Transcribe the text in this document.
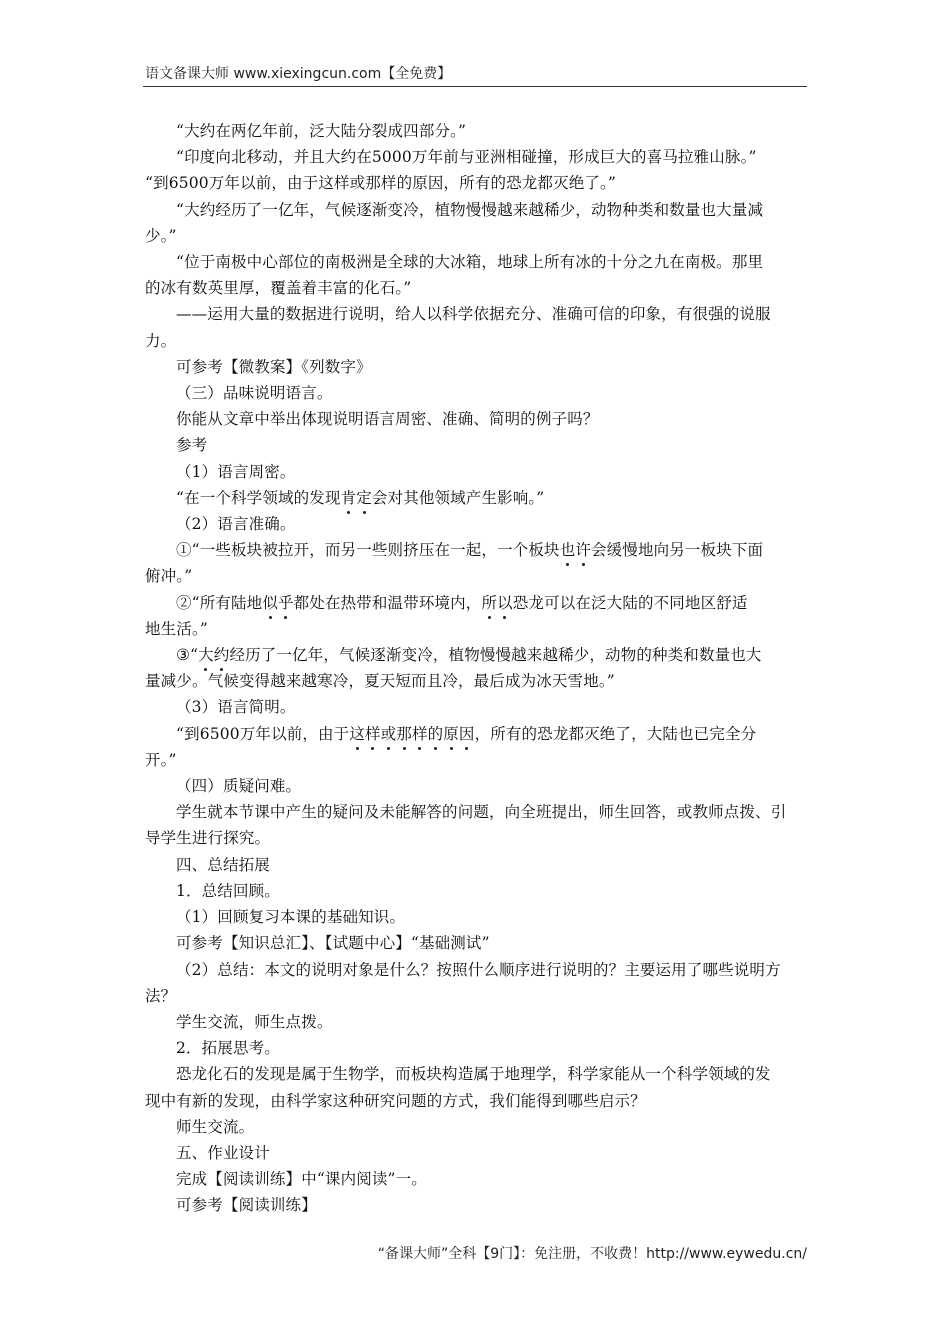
语文备课大师 www.xiexingcun.com【全免费】
“大约在两亿年前，泛大陆分裂成四部分。”
“印度向北移动，并且大约在5000万年前与亚洲相碰撞，形成巨大的喜马拉雅山脉。”
“到6500万年以前，由于这样或那样的原因，所有的恐龙都灭绝了。”
“大约经历了一亿年，气候逐渐变冷，植物慢慢越来越稀少，动物种类和数量也大量减
少。”
“位于南极中心部位的南极洲是全球的大冰箱，地球上所有冰的十分之九在南极。那里
的冰有数英里厚，覆盖着丰富的化石。”
——运用大量的数据进行说明，给人以科学依据充分、准确可信的印象，有很强的说服
力。
可参考【微教案】《列数字》
（三）品味说明语言。
你能从文章中举出体现说明语言周密、准确、简明的例子吗？
参考
（1）语言周密。
“在一个科学领域的发现肯定会对其他领域产生影响。”
（2）语言准确。
①“一些板块被拉开，而另一些则挤压在一起，一个板块也许会缓慢地向另一板块下面
俯冲。”
②“所有陆地似乎都处在热带和温带环境内，所以恐龙可以在泛大陆的不同地区舒适
地生活。”
③“大约经历了一亿年，气候逐渐变冷，植物慢慢越来越稀少，动物的种类和数量也大
量减少。气候变得越来越寒冷，夏天短而且冷，最后成为冰天雪地。”
（3）语言简明。
“到6500万年以前，由于这样或那样的原因，所有的恐龙都灭绝了，大陆也已完全分
开。”
（四）质疑问难。
学生就本节课中产生的疑问及未能解答的问题，向全班提出，师生回答，或教师点拨、引
导学生进行探究。
四、总结拓展
1．总结回顾。
（1）回顾复习本课的基础知识。
可参考【知识总汇】、【试题中心】“基础测试”
（2）总结：本文的说明对象是什么？按照什么顺序进行说明的？主要运用了哪些说明方
法？
学生交流，师生点拨。
2．拓展思考。
恐龙化石的发现是属于生物学，而板块构造属于地理学，科学家能从一个科学领域的发
现中有新的发现，由科学家这种研究问题的方式，我们能得到哪些启示？
师生交流。
五、作业设计
完成【阅读训练】中“课内阅读”一。
可参考【阅读训练】
“备课大师”全科【9门】：免注册，不收费！http://www.eywedu.cn/
